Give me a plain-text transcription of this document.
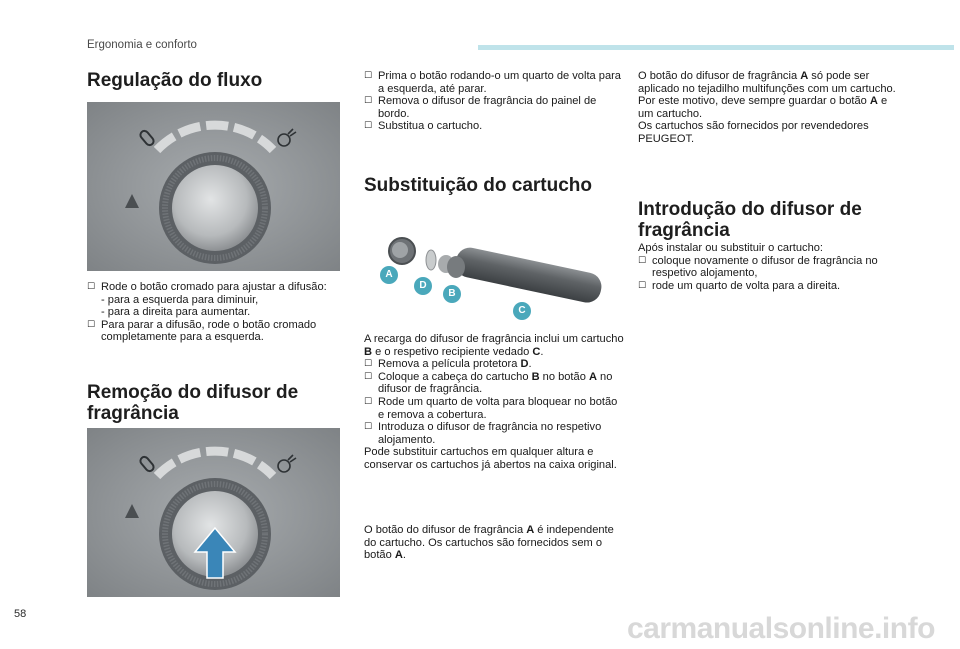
Ergonomia e conforto
Regulação do fluxo

☐ Rode o botão cromado para ajustar a difusão:

- para a esquerda para diminuir,

- para a direita para aumentar.

☐ Para parar a difusão, rode o botão cromado completamente para a esquerda.

Remoção do difusor de fragrância

☐ Prima o botão rodando-o um quarto de volta para a esquerda, até parar.

☐ Remova o difusor de fragrância do painel de bordo.

☐ Substitua o cartucho.

Substituição do cartucho
A
D
B
C

A recarga do difusor de fragrância inclui um cartucho B e o respetivo recipiente vedado C.

☐ Remova a película protetora D.

☐ Coloque a cabeça do cartucho B no botão A no difusor de fragrância.

☐ Rode um quarto de volta para bloquear no botão e remova a cobertura.

☐ Introduza o difusor de fragrância no respetivo alojamento.

Pode substituir cartuchos em qualquer altura e conservar os cartuchos já abertos na caixa original.

O botão do difusor de fragrância A é independente do cartucho. Os cartuchos são fornecidos sem o botão A.

O botão do difusor de fragrância A só pode ser aplicado no tejadilho multifunções com um cartucho.

Por este motivo, deve sempre guardar o botão A e um cartucho.

Os cartuchos são fornecidos por revendedores PEUGEOT.

Introdução do difusor de fragrância

Após instalar ou substituir o cartucho:

☐ coloque novamente o difusor de fragrância no respetivo alojamento,

☐ rode um quarto de volta para a direita.

58	carmanualsonline.info
